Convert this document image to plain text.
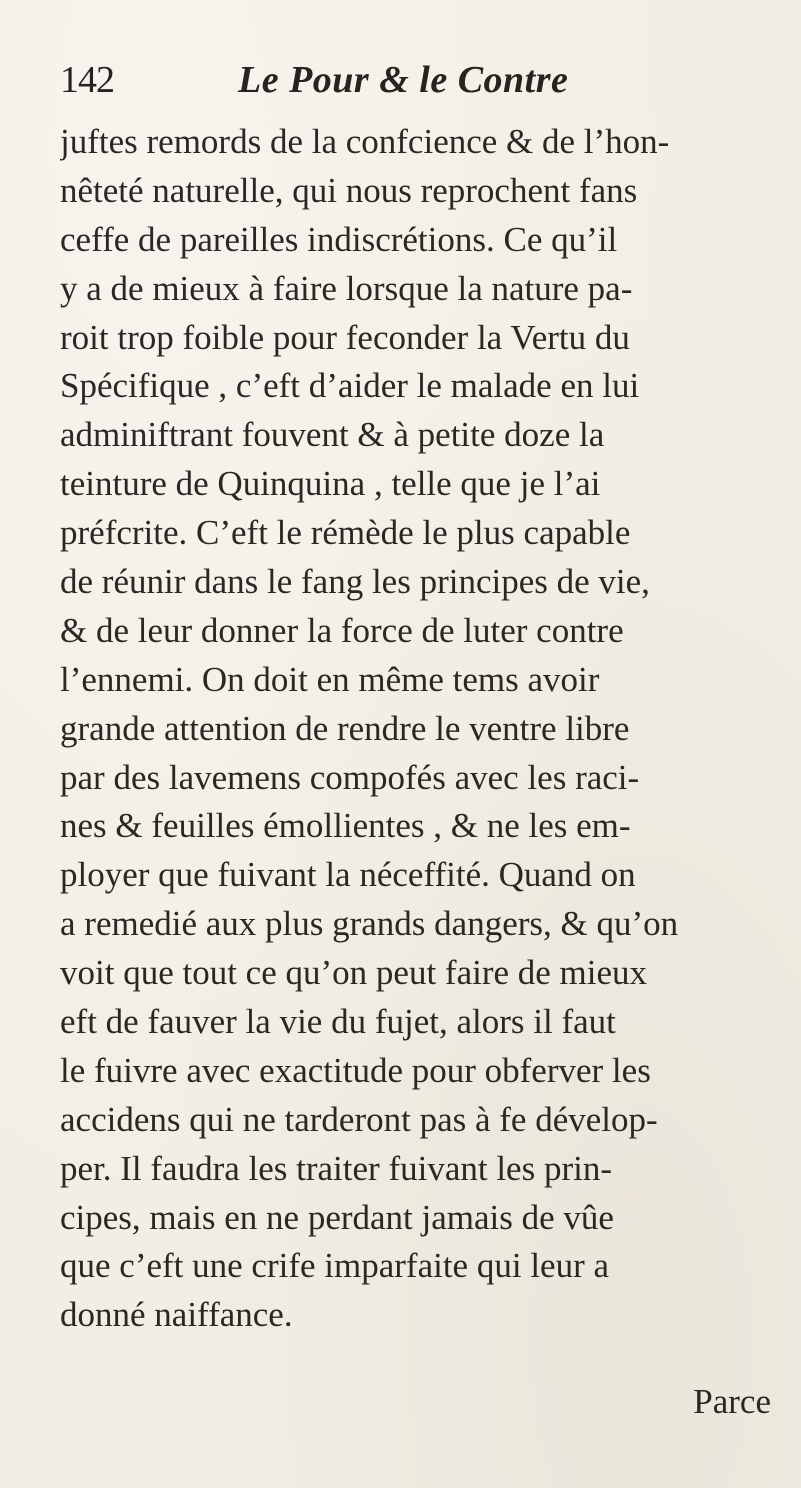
142	Le Pour & le Contre
juftes remords de la confcience & de l’hon-
nêteté naturelle, qui nous reprochent fans
ceffe de pareilles indiscrétions. Ce qu’il
y a de mieux à faire lorsque la nature pa-
roit trop foible pour feconder la Vertu du
Spécifique , c’eft d’aider le malade en lui
adminiftrant fouvent & à petite doze la
teinture de Quinquina , telle que je l’ai
préfcrite. C’eft le rémède le plus capable
de réunir dans le fang les principes de vie,
& de leur donner la force de luter contre
l’ennemi. On doit en même tems avoir
grande attention de rendre le ventre libre
par des lavemens compofés avec les raci-
nes & feuilles émollientes , & ne les em-
ployer que fuivant la néceffité. Quand on
a remedié aux plus grands dangers, & qu’on
voit que tout ce qu’on peut faire de mieux
eft de fauver la vie du fujet, alors il faut
le fuivre avec exactitude pour obferver les
accidens qui ne tarderont pas à fe dévelop-
per. Il faudra les traiter fuivant les prin-
cipes, mais en ne perdant jamais de vûe
que c’eft une crife imparfaite qui leur a
donné naiffance.
Parce
